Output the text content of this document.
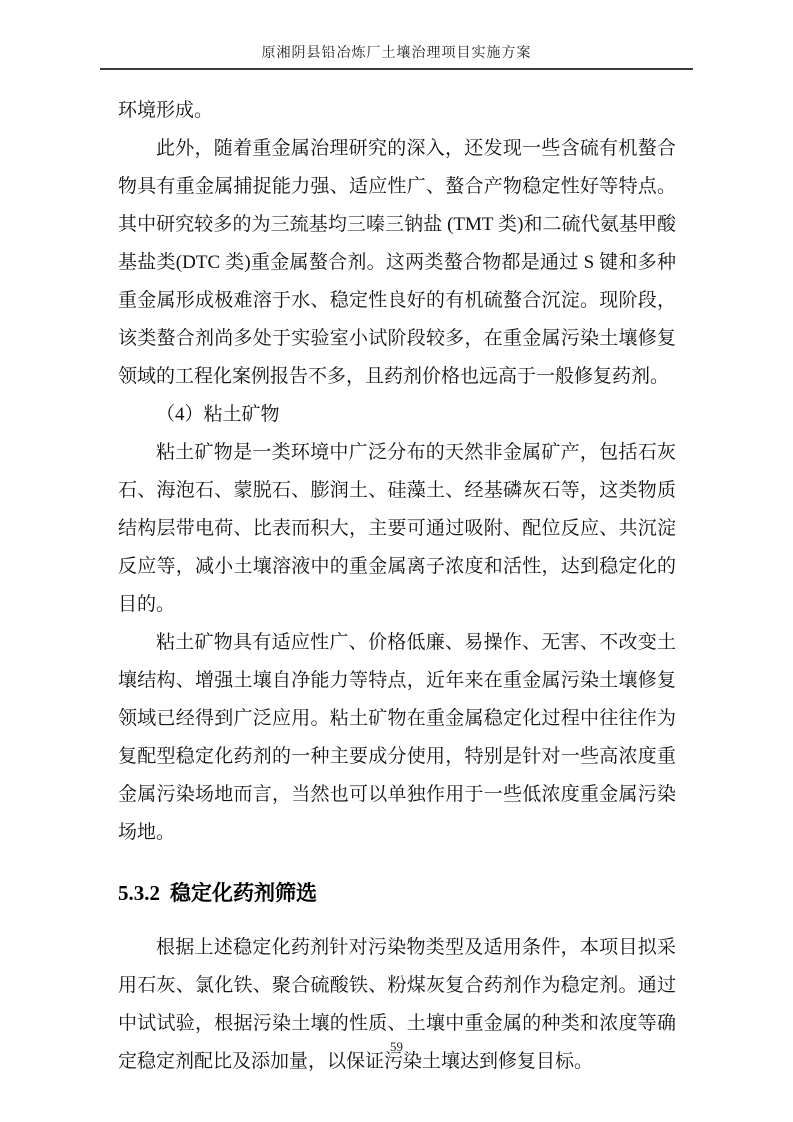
原湘阴县铅冶炼厂土壤治理项目实施方案

环境形成。

此外，随着重金属治理研究的深入，还发现一些含硫有机螯合物具有重金属捕捉能力强、适应性广、螯合产物稳定性好等特点。其中研究较多的为三巯基均三嗪三钠盐 (TMT 类)和二硫代氨基甲酸基盐类(DTC 类)重金属螯合剂。这两类螯合物都是通过 S 键和多种重金属形成极难溶于水、稳定性良好的有机硫螯合沉淀。现阶段，该类螯合剂尚多处于实验室小试阶段较多，在重金属污染土壤修复领域的工程化案例报告不多，且药剂价格也远高于一般修复药剂。

（4）粘土矿物

粘土矿物是一类环境中广泛分布的天然非金属矿产，包括石灰石、海泡石、蒙脱石、膨润土、硅藻土、经基磷灰石等，这类物质结构层带电荷、比表而积大，主要可通过吸附、配位反应、共沉淀反应等，减小土壤溶液中的重金属离子浓度和活性，达到稳定化的目的。

粘土矿物具有适应性广、价格低廉、易操作、无害、不改变土壤结构、增强土壤自净能力等特点，近年来在重金属污染土壤修复领域已经得到广泛应用。粘土矿物在重金属稳定化过程中往往作为复配型稳定化药剂的一种主要成分使用，特别是针对一些高浓度重金属污染场地而言，当然也可以单独作用于一些低浓度重金属污染场地。

5.3.2 稳定化药剂筛选

根据上述稳定化药剂针对污染物类型及适用条件，本项目拟采用石灰、氯化铁、聚合硫酸铁、粉煤灰复合药剂作为稳定剂。通过中试试验，根据污染土壤的性质、土壤中重金属的种类和浓度等确定稳定剂配比及添加量，以保证污染土壤达到修复目标。

59
